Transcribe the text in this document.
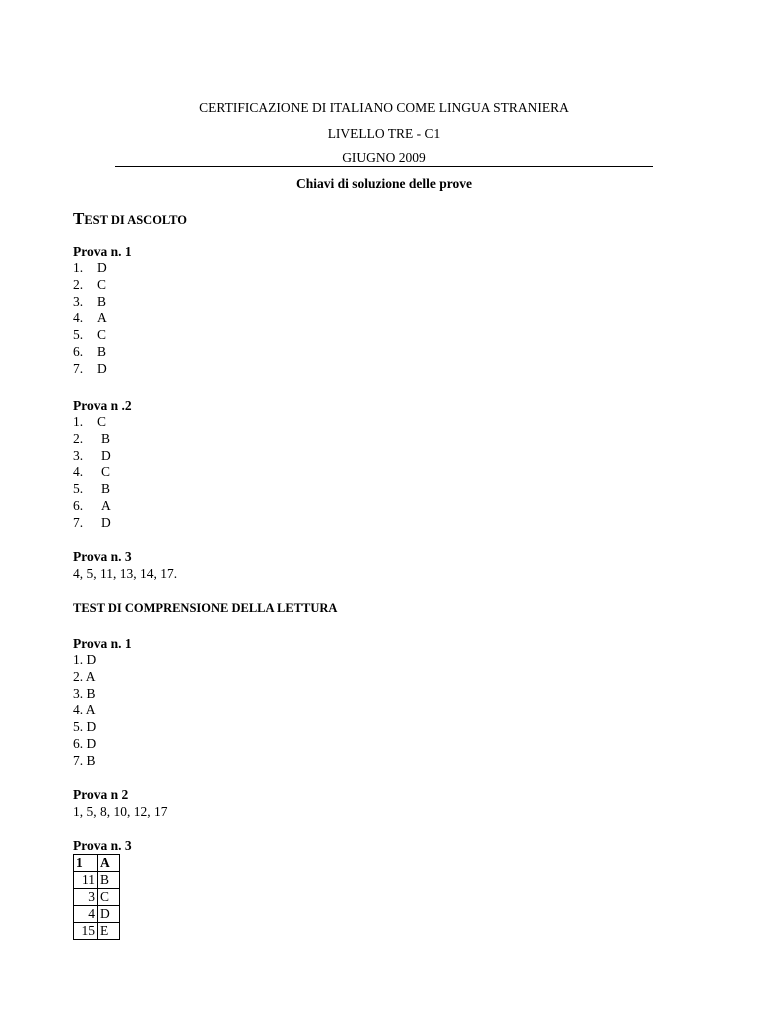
CERTIFICAZIONE DI ITALIANO COME LINGUA STRANIERA
LIVELLO TRE - C1
GIUGNO 2009
Chiavi di soluzione delle prove
TEST DI ASCOLTO
Prova n. 1
1. D
2. C
3. B
4. A
5. C
6. B
7. D
Prova n .2
1. C
2. B
3. D
4. C
5. B
6. A
7. D
Prova n. 3
4, 5, 11, 13, 14, 17.
TEST DI COMPRENSIONE DELLA LETTURA
Prova n. 1
1. D
2. A
3. B
4. A
5. D
6. D
7. B
Prova n 2
1, 5, 8, 10, 12, 17
Prova n. 3
1	A
11	B
3	C
4	D
15	E
